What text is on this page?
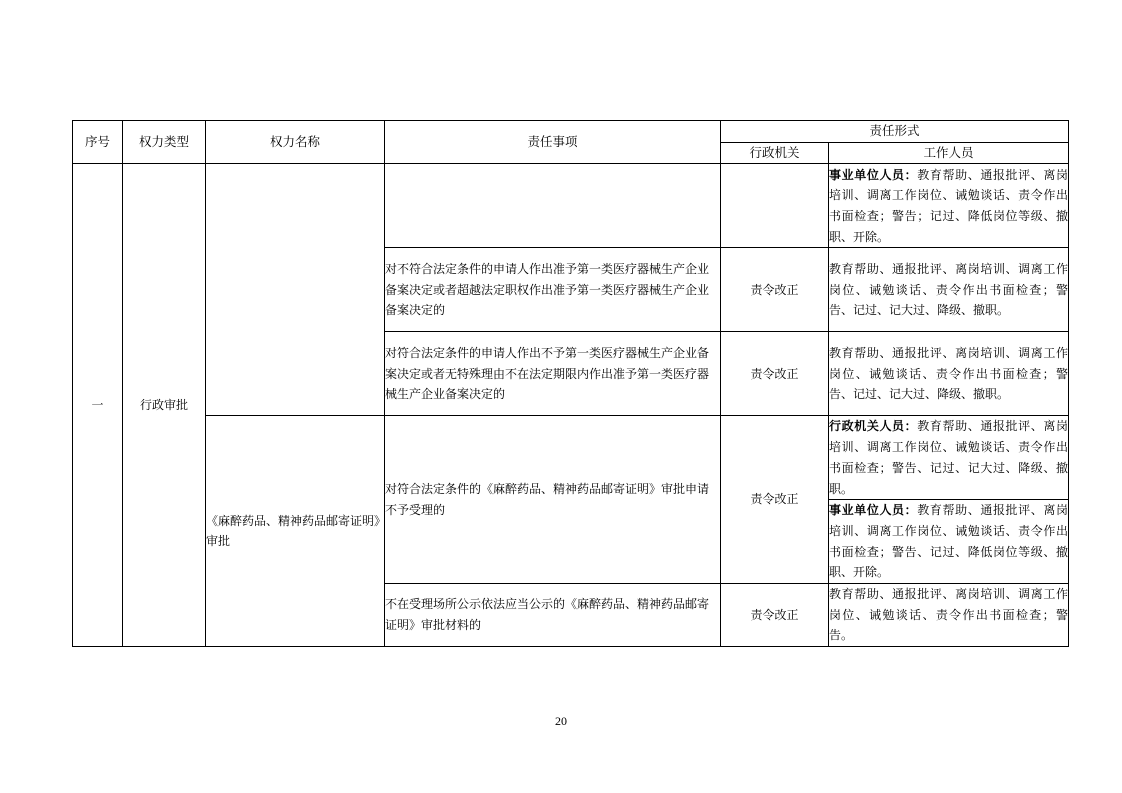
序号	权力类型	权力名称	责任事项	责任形式	
				行政机关	工作人员
一	行政审批				事业单位人员：教育帮助、通报批评、离岗培训、调离工作岗位、诫勉谈话、责令作出书面检查；警告；记过、降低岗位等级、撤职、开除。
			对不符合法定条件的申请人作出准予第一类医疗器械生产企业备案决定或者超越法定职权作出准予第一类医疗器械生产企业备案决定的	责令改正	教育帮助、通报批评、离岗培训、调离工作岗位、诫勉谈话、责令作出书面检查；警告、记过、记大过、降级、撤职。
			对符合法定条件的申请人作出不予第一类医疗器械生产企业备案决定或者无特殊理由不在法定期限内作出准予第一类医疗器械生产企业备案决定的	责令改正	教育帮助、通报批评、离岗培训、调离工作岗位、诫勉谈话、责令作出书面检查；警告、记过、记大过、降级、撤职。
		《麻醉药品、精神药品邮寄证明》审批	对符合法定条件的《麻醉药品、精神药品邮寄证明》审批申请不予受理的	责令改正	行政机关人员：教育帮助、通报批评、离岗培训、调离工作岗位、诫勉谈话、责令作出书面检查；警告、记过、记大过、降级、撤职。
					事业单位人员：教育帮助、通报批评、离岗培训、调离工作岗位、诫勉谈话、责令作出书面检查；警告、记过、降低岗位等级、撤职、开除。
			不在受理场所公示依法应当公示的《麻醉药品、精神药品邮寄证明》审批材料的	责令改正	教育帮助、通报批评、离岗培训、调离工作岗位、诫勉谈话、责令作出书面检查；警告。
20
